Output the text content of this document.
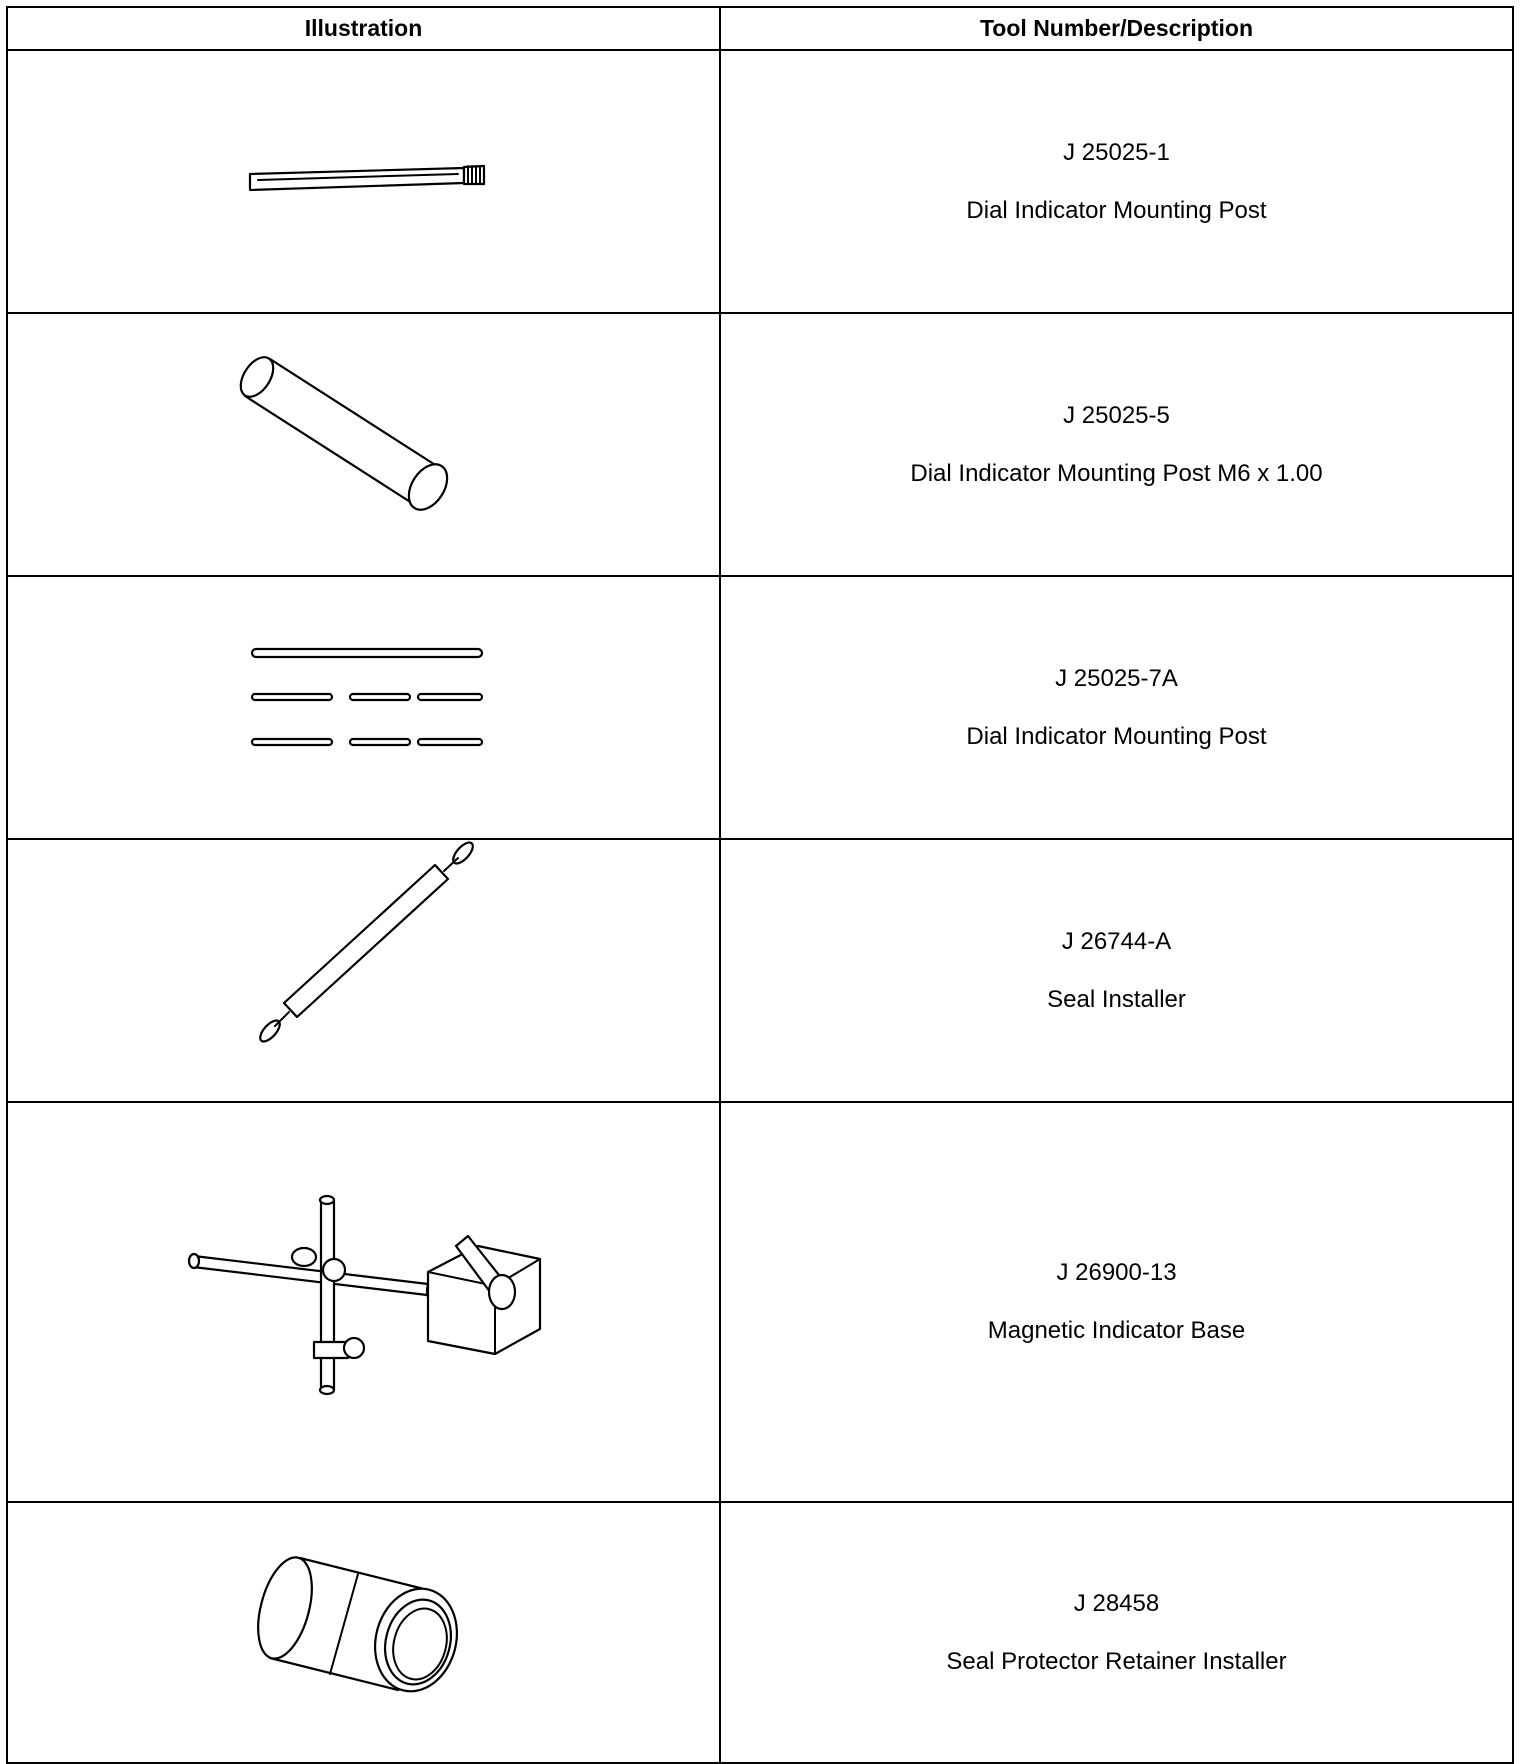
Illustration	Tool Number/Description

J 25025-1
Dial Indicator Mounting Post

J 25025-5
Dial Indicator Mounting Post M6 x 1.00

J 25025-7A
Dial Indicator Mounting Post

J 26744-A
Seal Installer

J 26900-13
Magnetic Indicator Base

J 28458
Seal Protector Retainer Installer
